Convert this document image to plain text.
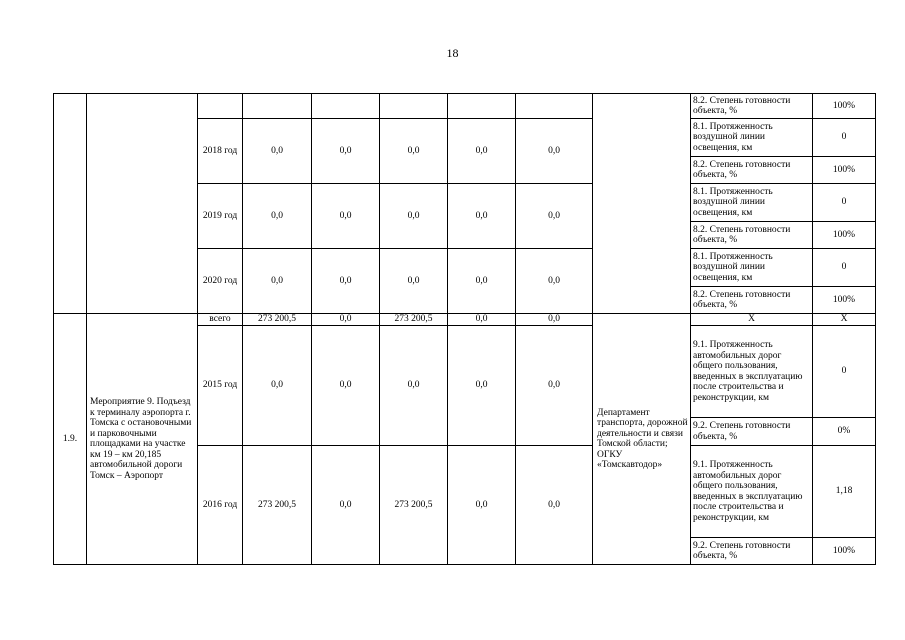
18
									8.2. Степень готовности объекта, %	100%
		2018 год	0,0	0,0	0,0	0,0	0,0		8.1. Протяженность воздушной линии освещения, км	0
									8.2. Степень готовности объекта, %	100%
		2019 год	0,0	0,0	0,0	0,0	0,0		8.1. Протяженность воздушной линии освещения, км	0
									8.2. Степень готовности объекта, %	100%
		2020 год	0,0	0,0	0,0	0,0	0,0		8.1. Протяженность воздушной линии освещения, км	0
									8.2. Степень готовности объекта, %	100%
1.9.	Мероприятие 9. Подъезд к терминалу аэропорта г. Томска с остановочными и парковочными площадками на участке км 19 – км 20,185 автомобильной дороги Томск – Аэропорт	всего	273 200,5	0,0	273 200,5	0,0	0,0	Департамент транспорта, дорожной деятельности и связи Томской области; ОГКУ «Томскавтодор»	Х	Х
		2015 год	0,0	0,0	0,0	0,0	0,0		9.1. Протяженность автомобильных дорог общего пользования, введенных в эксплуатацию после строительства и реконструкции, км	0
									9.2. Степень готовности объекта, %	0%
		2016 год	273 200,5	0,0	273 200,5	0,0	0,0		9.1. Протяженность автомобильных дорог общего пользования, введенных в эксплуатацию после строительства и реконструкции, км	1,18
									9.2. Степень готовности объекта, %	100%
